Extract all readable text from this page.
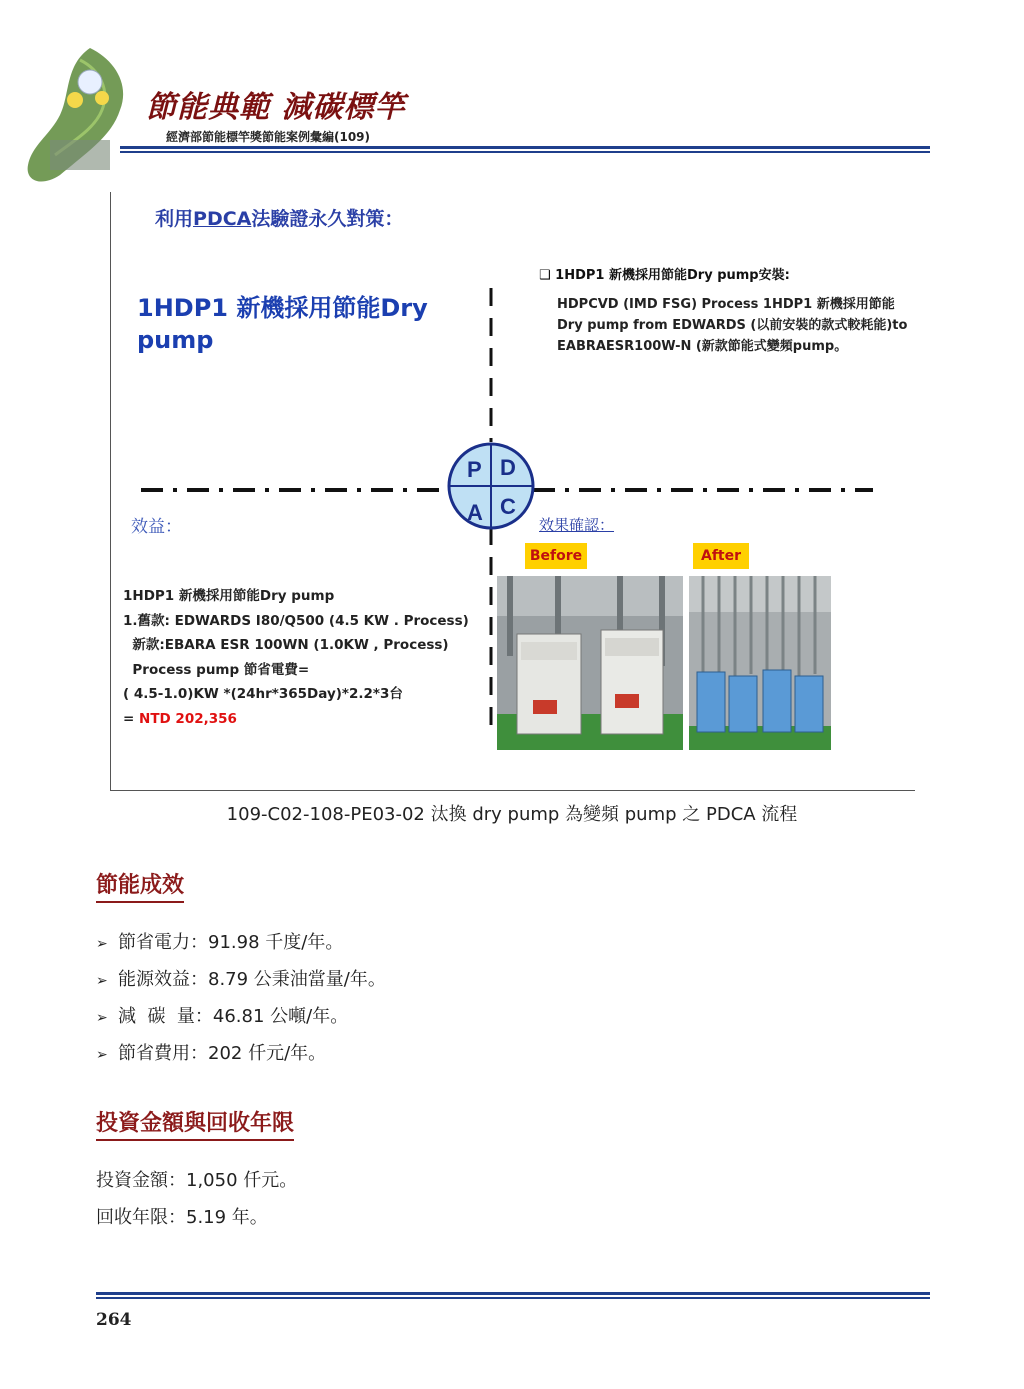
節能典範 減碳標竿
經濟部節能標竿獎節能案例彙編(109)
P D
A C
利用PDCA法驗證永久對策：
1HDP1 新機採用節能Dry pump
❑ 1HDP1 新機採用節能Dry pump安裝:
HDPCVD (IMD FSG) Process 1HDP1 新機採用節能Dry pump from EDWARDS (以前安裝的款式較耗能)to EABRAESR100W-N (新款節能式變頻pump。
效益：	效果確認：
Before	After
1HDP1 新機採用節能Dry pump
1.舊款: EDWARDS I80/Q500 (4.5 KW . Process)
新款:EBARA ESR 100WN (1.0KW , Process)
Process pump 節省電費=
( 4.5-1.0)KW *(24hr*365Day)*2.2*3台
= NTD 202,356
109-C02-108-PE03-02 汰換 dry pump 為變頻 pump 之 PDCA 流程
節能成效
➢ 節省電力：91.98 千度/年。
➢ 能源效益：8.79 公秉油當量/年。
➢ 減  碳  量：46.81 公噸/年。
➢ 節省費用：202 仟元/年。
投資金額與回收年限
投資金額：1,050 仟元。
回收年限：5.19 年。
264
